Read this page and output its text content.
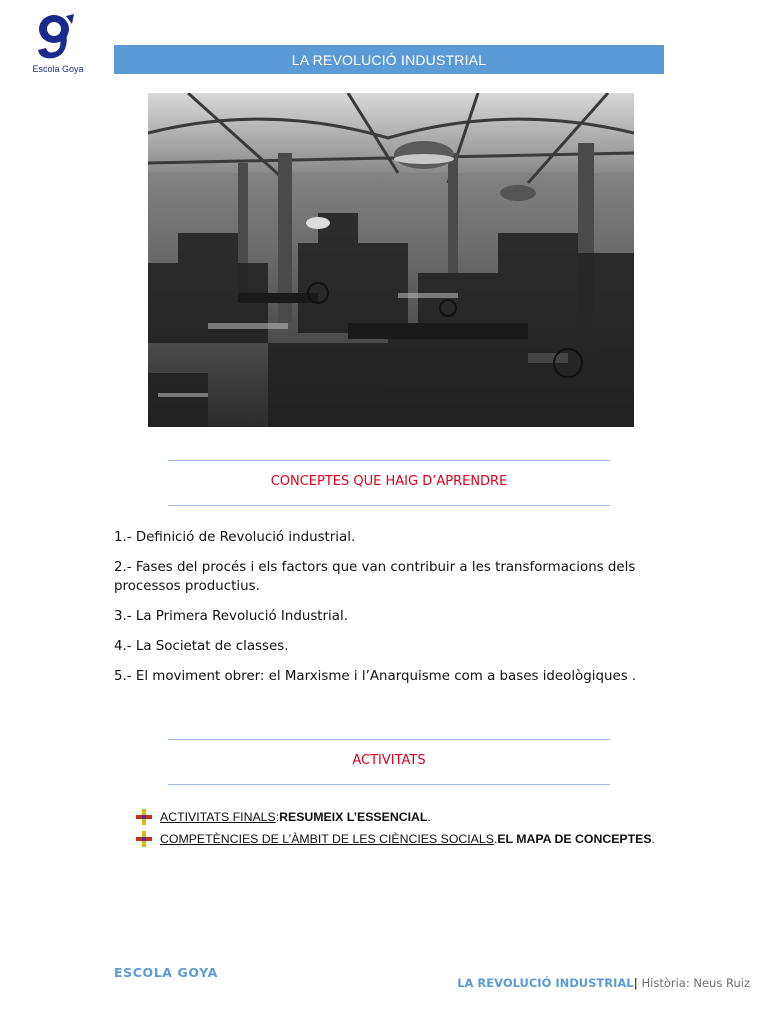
Escola Goya
LA REVOLUCIÓ INDUSTRIAL
CONCEPTES QUE HAIG D’APRENDRE

1.- Definició de Revolució industrial.

2.- Fases del procés i els factors que van contribuir a les transformacions dels processos productius.

3.- La Primera Revolució Industrial.

4.- La Societat de classes.

5.- El moviment obrer: el Marxisme i l’Anarquisme com a bases ideològiques .

ACTIVITATS
ACTIVITATS FINALS : RESUMEIX L’ESSENCIAL .
COMPETÈNCIES DE L’ÀMBIT DE LES CIÈNCIES SOCIALS . EL MAPA DE CONCEPTES .
ESCOLA GOYA
LA REVOLUCIÓ INDUSTRIAL| Història: Neus Ruiz
